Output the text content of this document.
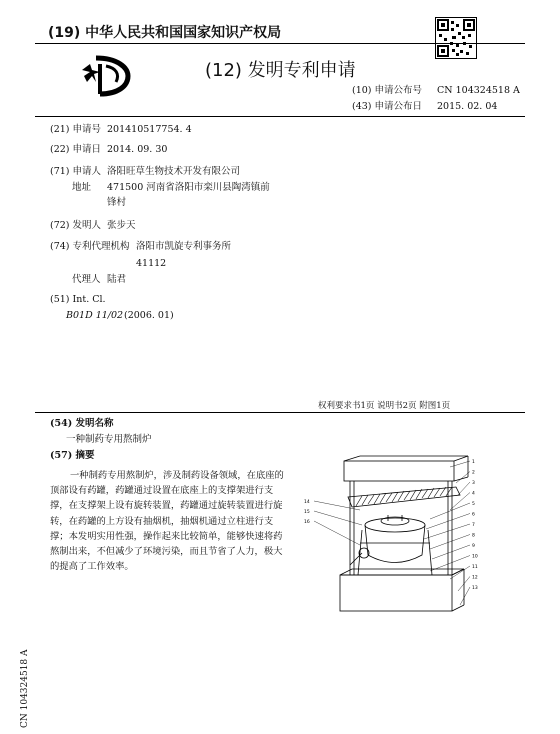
(19) 中华人民共和国国家知识产权局
(12) 发明专利申请
(10) 申请公布号 CN 104324518 A
(43) 申请公布日 2015. 02. 04
(21) 申请号 201410517754. 4
(22) 申请日 2014. 09. 30
(71) 申请人 洛阳旺草生物技术开发有限公司
地址 471500 河南省洛阳市栾川县陶湾镇前
锋村
(72) 发明人 张步天
(74) 专利代理机构 洛阳市凯旋专利事务所
41112
代理人 陆君
(51) Int. Cl.
B01D 11/02 (2006. 01)
权利要求书1页 说明书2页 附图1页
(54) 发明名称
一种制药专用熬制炉
(57) 摘要
一种制药专用熬制炉，涉及制药设备领域，在底座的顶部设有药罐，药罐通过设置在底座上的支撑架进行支撑，在支撑架上设有旋转装置，药罐通过旋转装置进行旋转，在药罐的上方设有抽烟机，抽烟机通过立柱进行支撑；本发明实用性强，操作起来比较简单，能够快速将药熬制出来，不但减少了环境污染，而且节省了人力，极大的提高了工作效率。
1
2
3
4
5
6
7
8
9
10
11
12
13
14
15
16
CN 104324518 A
